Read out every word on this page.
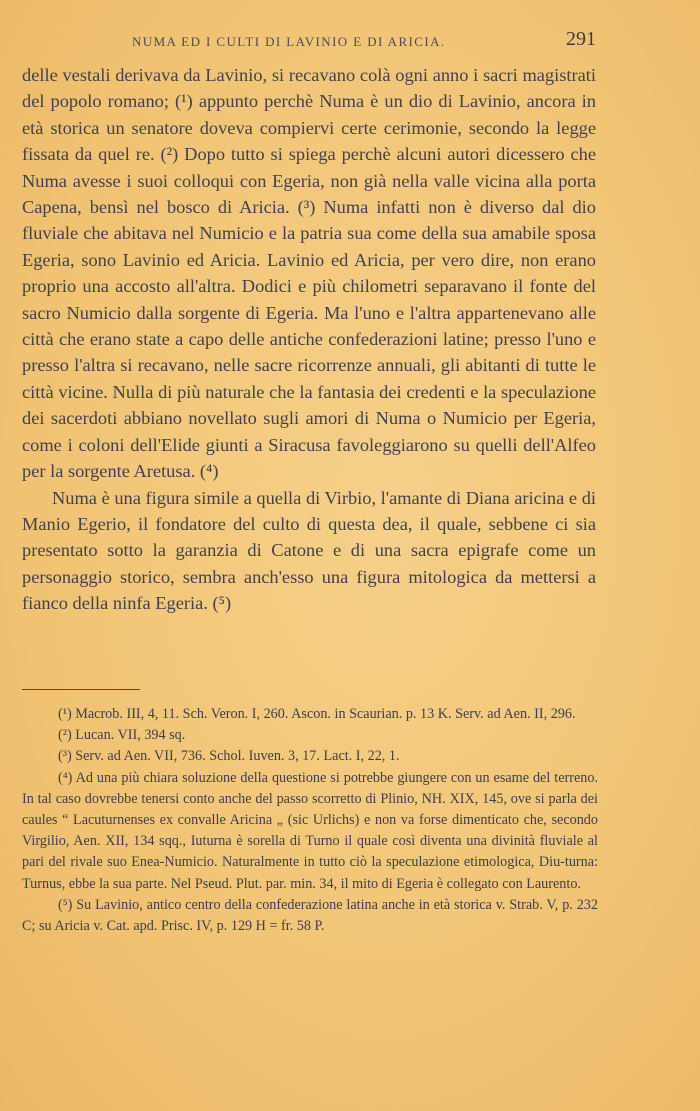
NUMA ED I CULTI DI LAVINIO E DI ARICIA.	291

delle vestali derivava da Lavinio, si recavano colà ogni anno i sacri magistrati del popolo romano; (¹) appunto perchè Numa è un dio di Lavinio, ancora in età storica un senatore doveva compiervi certe cerimonie, secondo la legge fissata da quel re. (²) Dopo tutto si spiega perchè alcuni autori dicessero che Numa avesse i suoi colloqui con Egeria, non già nella valle vicina alla porta Capena, bensì nel bosco di Aricia. (³) Numa infatti non è diverso dal dio fluviale che abitava nel Numicio e la patria sua come della sua amabile sposa Egeria, sono Lavinio ed Aricia. Lavinio ed Aricia, per vero dire, non erano proprio una accosto all'altra. Dodici e più chilometri separavano il fonte del sacro Numicio dalla sorgente di Egeria. Ma l'uno e l'altra appartenevano alle città che erano state a capo delle antiche confederazioni latine; presso l'uno e presso l'altra si recavano, nelle sacre ricorrenze annuali, gli abitanti di tutte le città vicine. Nulla di più naturale che la fantasia dei credenti e la speculazione dei sacerdoti abbiano novellato sugli amori di Numa o Numicio per Egeria, come i coloni dell'Elide giunti a Siracusa favoleggiarono su quelli dell'Alfeo per la sorgente Aretusa. (⁴)

Numa è una figura simile a quella di Virbio, l'amante di Diana aricina e di Manio Egerio, il fondatore del culto di questa dea, il quale, sebbene ci sia presentato sotto la garanzia di Catone e di una sacra epigrafe come un personaggio storico, sembra anch'esso una figura mitologica da mettersi a fianco della ninfa Egeria. (⁵)

(¹) Macrob. III, 4, 11. Sch. Veron. I, 260. Ascon. in Scaurian. p. 13 K. Serv. ad Aen. II, 296.

(²) Lucan. VII, 394 sq.

(³) Serv. ad Aen. VII, 736. Schol. Iuven. 3, 17. Lact. I, 22, 1.

(⁴) Ad una più chiara soluzione della questione si potrebbe giungere con un esame del terreno. In tal caso dovrebbe tenersi conto anche del passo scorretto di Plinio, NH. XIX, 145, ove si parla dei caules “ Lacuturnenses ex convalle Aricina „ (sic Urlichs) e non va forse dimenticato che, secondo Virgilio, Aen. XII, 134 sqq., Iuturna è sorella di Turno il quale così diventa una divinità fluviale al pari del rivale suo Enea-Numicio. Naturalmente in tutto ciò la speculazione etimologica, Diu-turna: Turnus, ebbe la sua parte. Nel Pseud. Plut. par. min. 34, il mito di Egeria è collegato con Laurento.

(⁵) Su Lavinio, antico centro della confederazione latina anche in età storica v. Strab. V, p. 232 C; su Aricia v. Cat. apd. Prisc. IV, p. 129 H = fr. 58 P.
